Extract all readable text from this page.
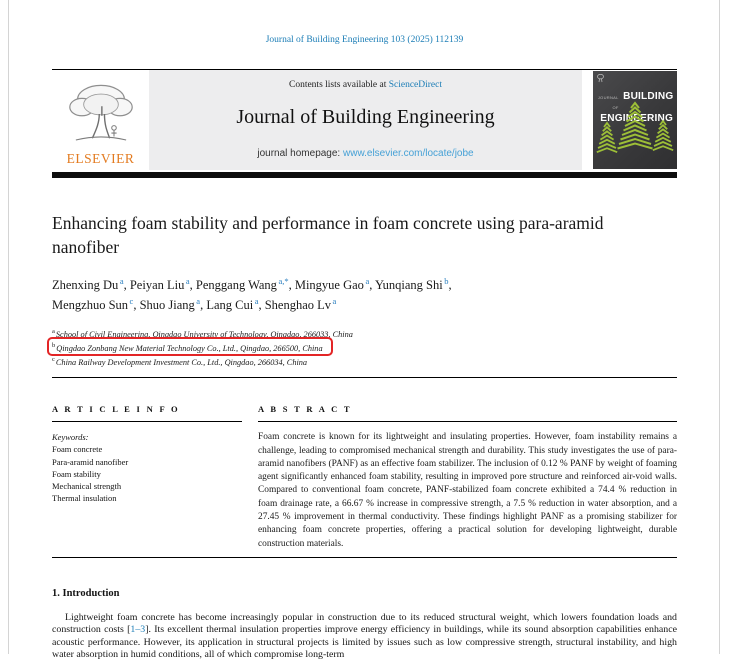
Journal of Building Engineering 103 (2025) 112139
ELSEVIER
Contents lists available at ScienceDirect
Journal of Building Engineering
journal homepage: www.elsevier.com/locate/jobe
JOURNAL OF
BUILDING
ENGINEERING
Enhancing foam stability and performance in foam concrete using para-aramid nanofiber
Zhenxing Du $^a$, Peiyan Liu $^a$, Penggang Wang $^{a,*}$, Mingyue Gao $^a$, Yunqiang Shi $^b$,
Mengzhuo Sun $^c$, Shuo Jiang $^a$, Lang Cui $^a$, Shenghao Lv $^a$
$^a$School of Civil Engineering, Qingdao University of Technology, Qingdao, 266033, China
$^b$Qingdao Zonbang New Material Technology Co., Ltd., Qingdao, 266500, China
$^c$China Railway Development Investment Co., Ltd., Qingdao, 266034, China
A R T I C L E I N F O
Keywords:
Foam concrete
Para-aramid nanofiber
Foam stability
Mechanical strength
Thermal insulation
A B S T R A C T
Foam concrete is known for its lightweight and insulating properties. However, foam instability remains a challenge, leading to compromised mechanical strength and durability. This study investigates the use of para-aramid nanofibers (PANF) as an effective foam stabilizer. The inclusion of 0.12 % PANF by weight of foaming agent significantly enhanced foam stability, resulting in improved pore structure and reinforced air-void walls. Compared to conventional foam concrete, PANF-stabilized foam concrete exhibited a 74.4 % reduction in foam drainage rate, a 66.67 % increase in compressive strength, a 7.5 % reduction in water absorption, and a 27.45 % improvement in thermal conductivity. These findings highlight PANF as a promising stabilizer for enhancing foam concrete properties, offering a practical solution for developing lightweight, durable construction materials.
1. Introduction
Lightweight foam concrete has become increasingly popular in construction due to its reduced structural weight, which lowers foundation loads and construction costs [1–3]. Its excellent thermal insulation properties improve energy efficiency in buildings, while its sound absorption capabilities enhance acoustic performance. However, its application in structural projects is limited by issues such as low compressive strength, structural instability, and high water absorption in humid conditions, all of which compromise long-term
